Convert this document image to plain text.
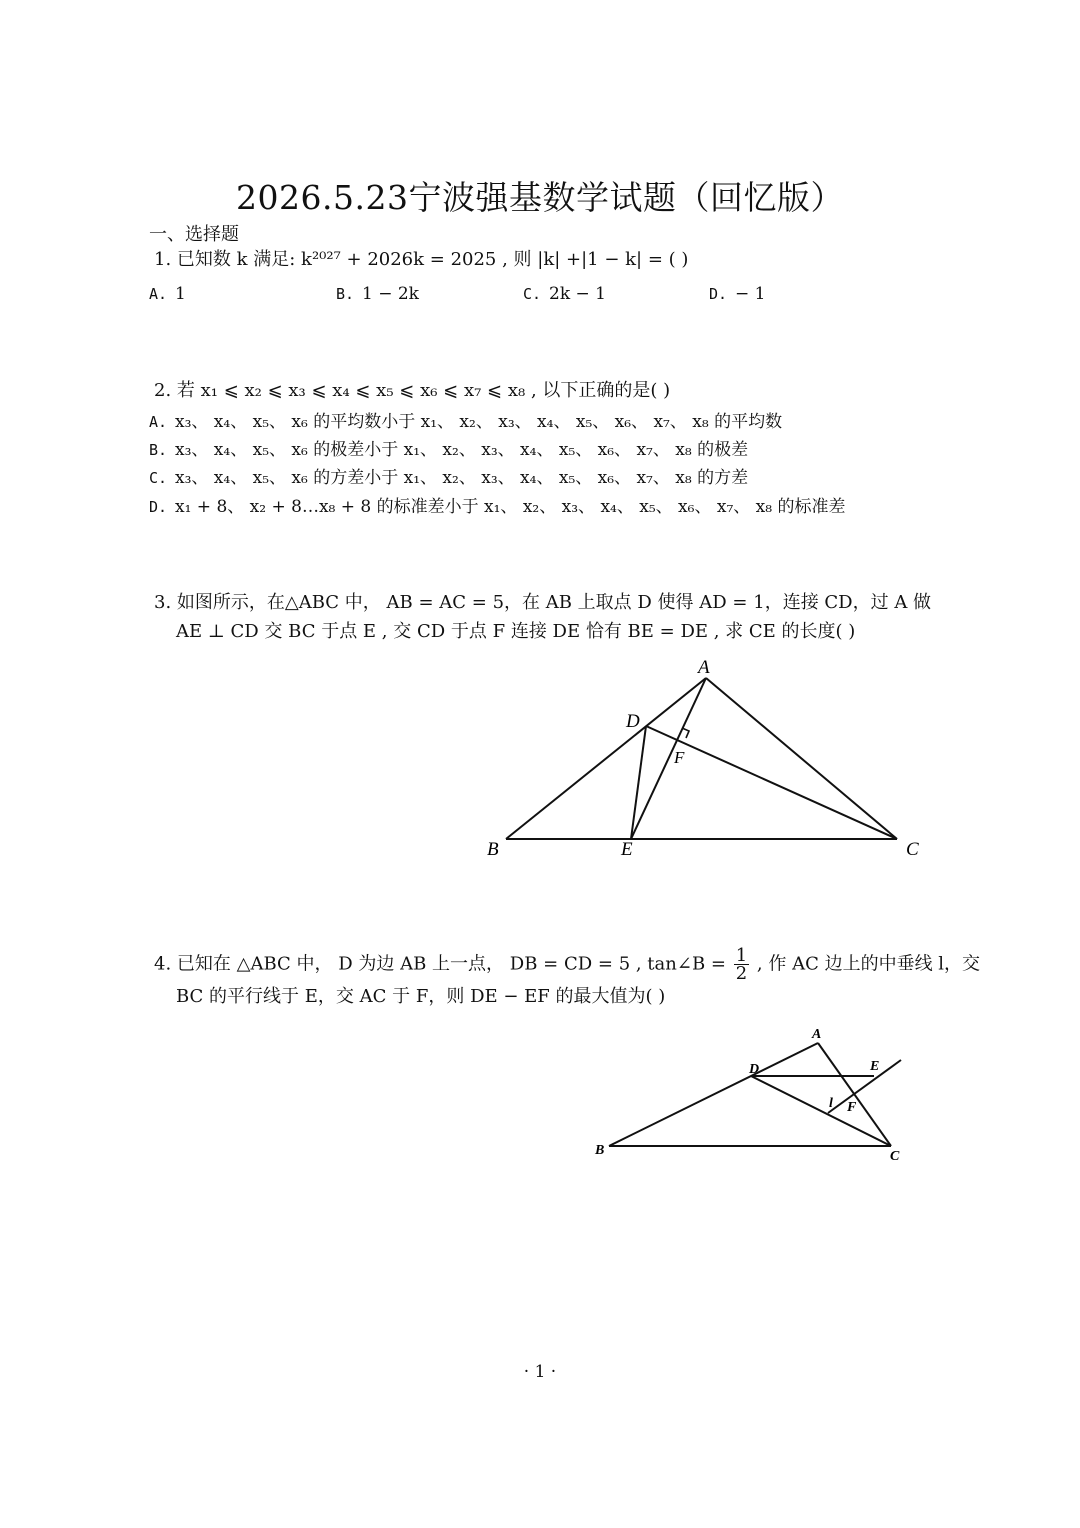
2026.5.23宁波强基数学试题（回忆版）
一、选择题
1. 已知数 k 满足: k²⁰²⁷ + 2026k = 2025 , 则 |k| +|1 − k| = ( )
A. 1	B. 1 − 2k	C. 2k − 1	D. − 1
2. 若 x₁ ⩽ x₂ ⩽ x₃ ⩽ x₄ ⩽ x₅ ⩽ x₆ ⩽ x₇ ⩽ x₈ , 以下正确的是( )
A. x₃、 x₄、 x₅、 x₆ 的平均数小于 x₁、 x₂、 x₃、 x₄、 x₅、 x₆、 x₇、 x₈ 的平均数
B. x₃、 x₄、 x₅、 x₆ 的极差小于 x₁、 x₂、 x₃、 x₄、 x₅、 x₆、 x₇、 x₈ 的极差
C. x₃、 x₄、 x₅、 x₆ 的方差小于 x₁、 x₂、 x₃、 x₄、 x₅、 x₆、 x₇、 x₈ 的方差
D. x₁ + 8、 x₂ + 8…x₈ + 8 的标准差小于 x₁、 x₂、 x₃、 x₄、 x₅、 x₆、 x₇、 x₈ 的标准差
3. 如图所示，在△ABC 中， AB = AC = 5，在 AB 上取点 D 使得 AD = 1，连接 CD，过 A 做
AE ⊥ CD 交 BC 于点 E , 交 CD 于点 F 连接 DE 恰有 BE = DE , 求 CE 的长度( )
A
D
F
B	E	C
4. 已知在 △ABC 中， D 为边 AB 上一点， DB = CD = 5 , tan∠B = $\frac{1}{2}$ , 作 AC 边上的中垂线 l，交
BC 的平行线于 E，交 AC 于 F，则 DE − EF 的最大值为( )
A
D	E
l F
B	C
· 1 ·
